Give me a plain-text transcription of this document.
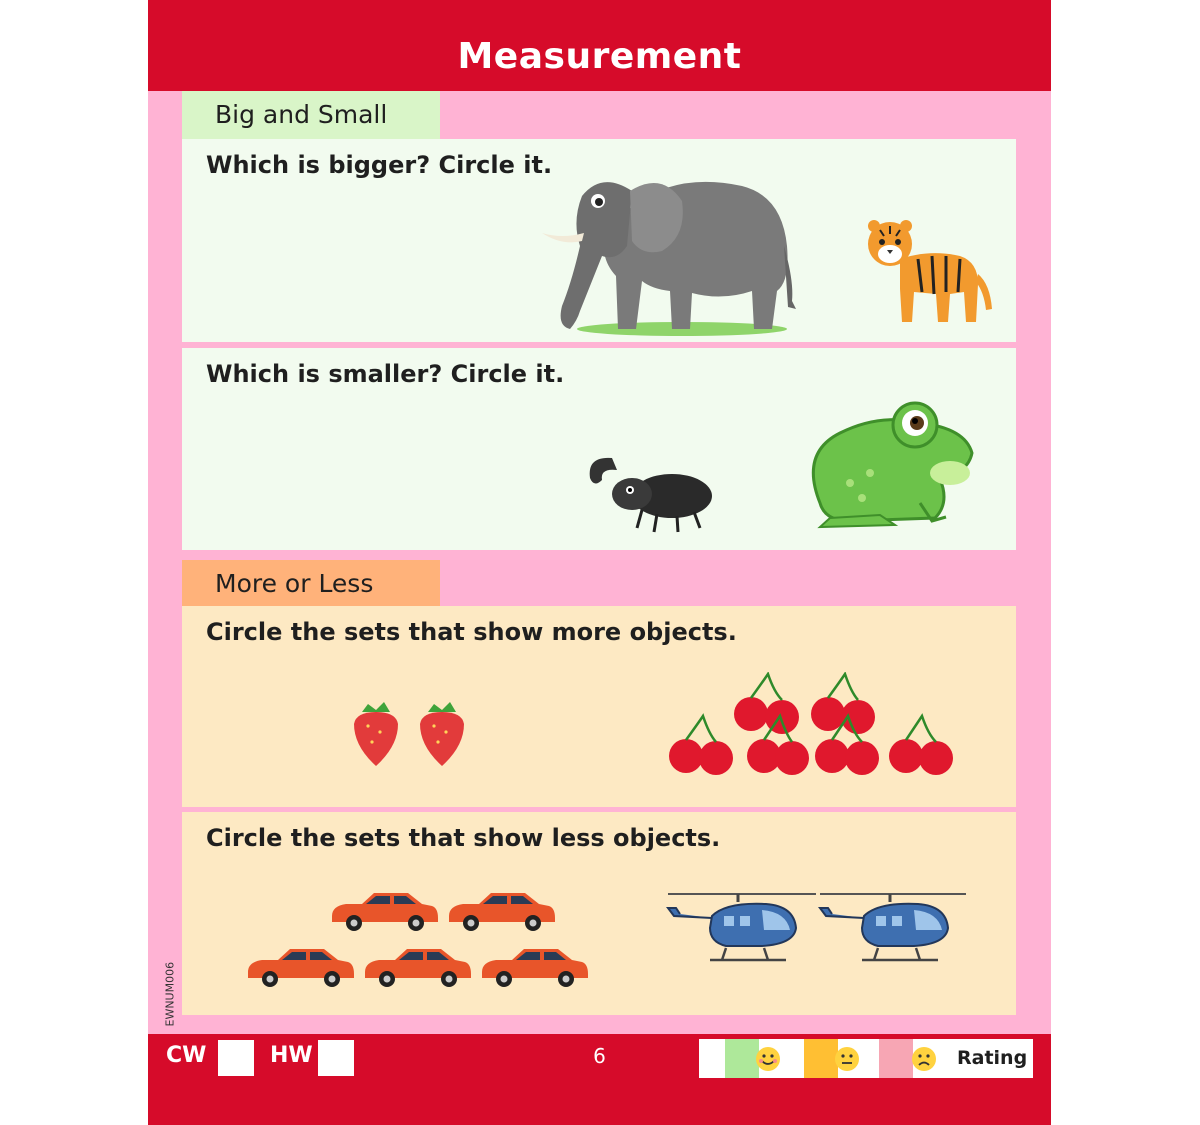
Measurement
Big and Small
Which is bigger? Circle it.
Which is smaller? Circle it.
More or Less
Circle the sets that show more objects.
Circle the sets that show less objects.
EWNUM006
CW	HW	6	Rating
